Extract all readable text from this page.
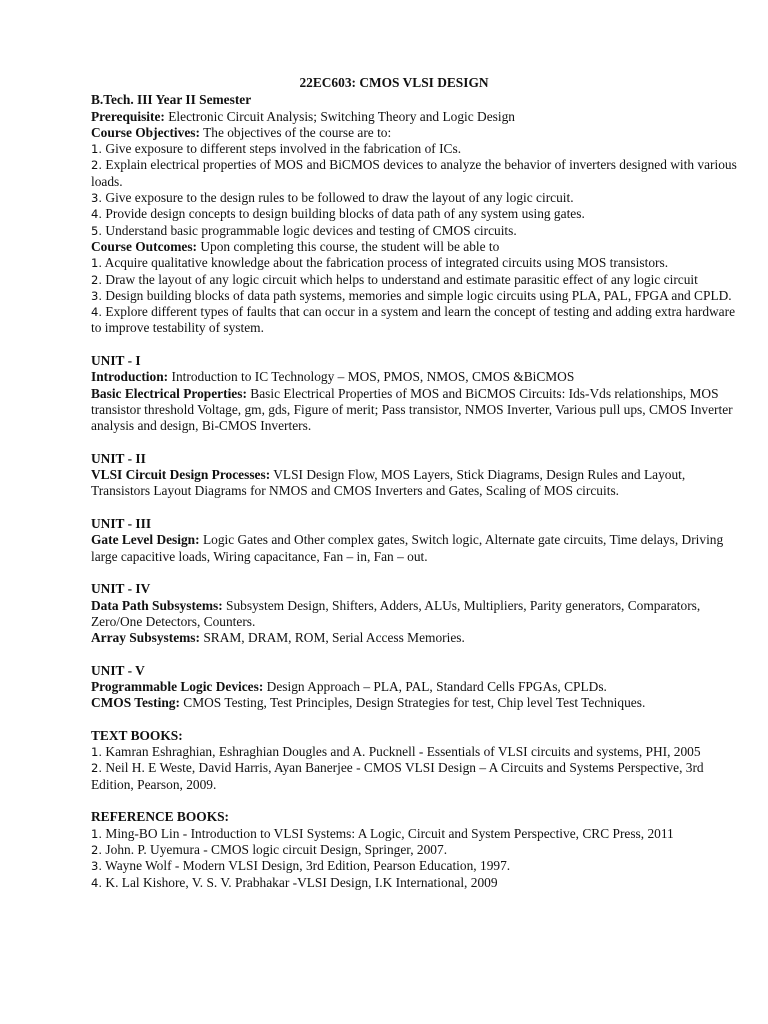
22EC603: CMOS VLSI DESIGN
B.Tech. III Year II Semester
Prerequisite: Electronic Circuit Analysis; Switching Theory and Logic Design
Course Objectives: The objectives of the course are to:
1. Give exposure to different steps involved in the fabrication of ICs.
2. Explain electrical properties of MOS and BiCMOS devices to analyze the behavior of inverters designed with various loads.
3. Give exposure to the design rules to be followed to draw the layout of any logic circuit.
4. Provide design concepts to design building blocks of data path of any system using gates.
5. Understand basic programmable logic devices and testing of CMOS circuits.
Course Outcomes: Upon completing this course, the student will be able to
1. Acquire qualitative knowledge about the fabrication process of integrated circuits using MOS transistors.
2. Draw the layout of any logic circuit which helps to understand and estimate parasitic effect of any logic circuit
3. Design building blocks of data path systems, memories and simple logic circuits using PLA, PAL, FPGA and CPLD.
4. Explore different types of faults that can occur in a system and learn the concept of testing and adding extra hardware to improve testability of system.
UNIT - I
Introduction: Introduction to IC Technology – MOS, PMOS, NMOS, CMOS &BiCMOS
Basic Electrical Properties: Basic Electrical Properties of MOS and BiCMOS Circuits: Ids-Vds relationships, MOS transistor threshold Voltage, gm, gds, Figure of merit; Pass transistor, NMOS Inverter, Various pull ups, CMOS Inverter analysis and design, Bi-CMOS Inverters.
UNIT - II
VLSI Circuit Design Processes: VLSI Design Flow, MOS Layers, Stick Diagrams, Design Rules and Layout, Transistors Layout Diagrams for NMOS and CMOS Inverters and Gates, Scaling of MOS circuits.
UNIT - III
Gate Level Design: Logic Gates and Other complex gates, Switch logic, Alternate gate circuits, Time delays, Driving large capacitive loads, Wiring capacitance, Fan – in, Fan – out.
UNIT - IV
Data Path Subsystems: Subsystem Design, Shifters, Adders, ALUs, Multipliers, Parity generators, Comparators, Zero/One Detectors, Counters.
Array Subsystems: SRAM, DRAM, ROM, Serial Access Memories.
UNIT - V
Programmable Logic Devices: Design Approach – PLA, PAL, Standard Cells FPGAs, CPLDs.
CMOS Testing: CMOS Testing, Test Principles, Design Strategies for test, Chip level Test Techniques.
TEXT BOOKS:
1. Kamran Eshraghian, Eshraghian Dougles and A. Pucknell - Essentials of VLSI circuits and systems, PHI, 2005
2. Neil H. E Weste, David Harris, Ayan Banerjee - CMOS VLSI Design – A Circuits and Systems Perspective, 3rd Edition, Pearson, 2009.
REFERENCE BOOKS:
1. Ming-BO Lin - Introduction to VLSI Systems: A Logic, Circuit and System Perspective, CRC Press, 2011
2. John. P. Uyemura - CMOS logic circuit Design, Springer, 2007.
3. Wayne Wolf - Modern VLSI Design, 3rd Edition, Pearson Education, 1997.
4. K. Lal Kishore, V. S. V. Prabhakar -VLSI Design, I.K International, 2009
